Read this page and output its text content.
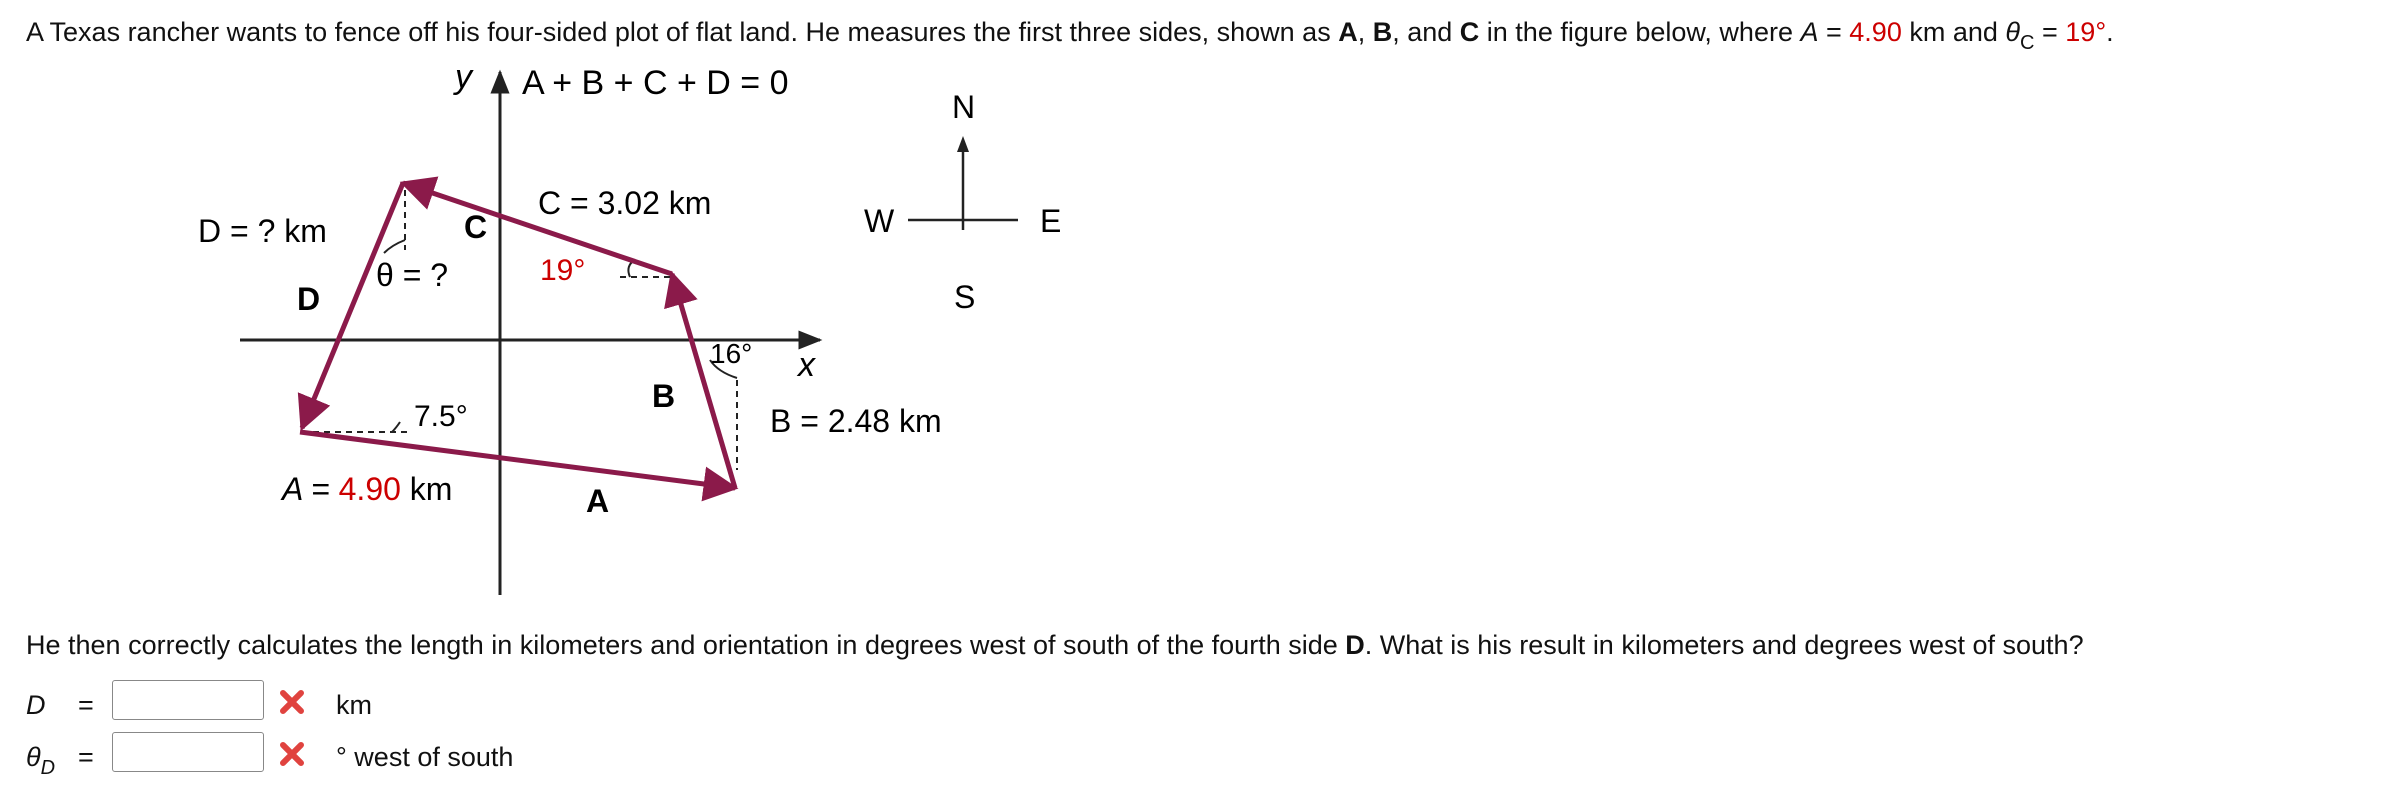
A Texas rancher wants to fence off his four-sided plot of flat land. He measures the first three sides, shown as A, B, and C in the figure below, where A = 4.90 km and $\theta_C = 19^\circ$.
y
x
A + B + C + D = 0
C = 3.02 km
C
D = ? km
D
θ = ?	19°
16°
B
B = 2.48 km
7.5°
A = 4.90 km	A
N
S
W	E
He then correctly calculates the length in kilometers and orientation in degrees west of south of the fourth side D. What is his result in kilometers and degrees west of south?
D =	km
$\theta_D$ =	° west of south
